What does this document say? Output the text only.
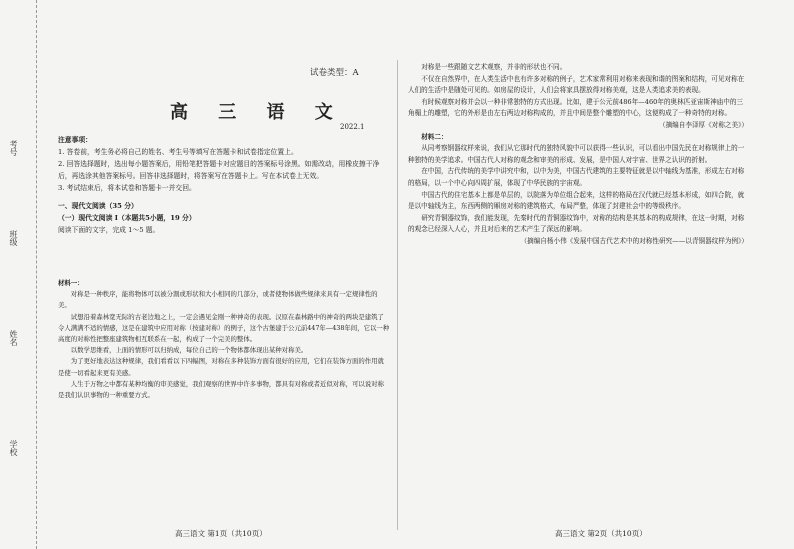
学校
姓名
班级
考号
试卷类型：A
高 三 语 文
2022.1
注意事项：
1. 答卷前，考生务必将自己的姓名、考生号等填写在答题卡和试卷指定位置上。
2. 回答选择题时，选出每小题答案后，用铅笔把答题卡对应题目的答案标号涂黑。如需改动，用橡皮擦干净后，再选涂其他答案标号。回答非选择题时，将答案写在答题卡上。写在本试卷上无效。
3. 考试结束后，将本试卷和答题卡一并交回。
一、现代文阅读（35 分）
（一）现代文阅读 Ⅰ（本题共5小题，19 分）
阅读下面的文字，完成 1～5 题。
材料一：

对称是一种秩序，能将物体可以被分割或形状和大小相同的几部分，或者使物体做些规律来具有一定规律性的美。

试想沿着森林宽无际的古老边地之上，一定会遇见金刚一种神奇的表现。汉原在森林路中的神奇的两块是建筑了令人满满不适的情感，这是在建筑中应用对称（按建对称）的例子，这个古堡建于公元前447年—438年间，它以一种高度的对称性把整座建筑物相互联系在一起，构成了一个完美的整体。

以数学思维看，上面的情形可以归纳成，每位自己的一个物体都体现出某种对称美。

为了更好地表达这种规律，我们看看以下四幅图，对称在多种装饰方面有很好的应用，它们在装饰方面的作用就是使一切看起来更有美感。

人生于万物之中都有某种均衡的审美感觉，我们观察的世界中许多事物，都具有对称或者近似对称，可以说对称是我们认识事物的一种重要方式。

对称是一些跟随文艺术观察，并非的形状也不同。

不仅在自然界中，在人类生活中也有许多对称的例子，艺术家常利用对称来表现和谐的图案和结构，可见对称在人们的生活中是随处可见的。如房屋的设计，人们会将家具摆放得对称美观，这是人类追求美的表现。

有时候观察对称并会以一种非常独特的方式出现。比如，建于公元前486年—460年的奥林匹亚宙斯神庙中的三角楣上的雕塑，它的外形是由左右两边对称构成的，并且中间是整个雕塑的中心，这便构成了一种奇特的对称。

（摘编自李泽厚《对称之美》）
材料二：

从同考察钢器纹样来说，我们从它那时代的独特风貌中可以获得一些认识，可以看出中国先民在对称规律上的一种独特的美学追求。中国古代人对称的观念和审美的形成、发展，是中国人对宇宙、世界之认识的折射。

在中国，古代传统的美学中讲究中和，以中为美，中国古代建筑的主要特征就是以中轴线为基准，形成左右对称的格局，以一个中心向四周扩展，体现了中华民族的宇宙观。

中国古代的住宅基本上都是单层的，以院落为单位组合起来，这样的格局在汉代就已经基本形成，如四合院，就是以中轴线为主，东西两侧的厢房对称的建筑格式，布局严整，体现了封建社会中的等级秩序。

研究青铜器纹饰，我们能发现，先秦时代的青铜器纹饰中，对称的结构是其基本的构成规律，在这一时期，对称的观念已经深入人心，并且对后来的艺术产生了深远的影响。

（摘编自杨小伟《发展中国古代艺术中的对称性研究——以青铜器纹样为例》）
高三语文 第1页（共10页）	高三语文 第2页（共10页）
